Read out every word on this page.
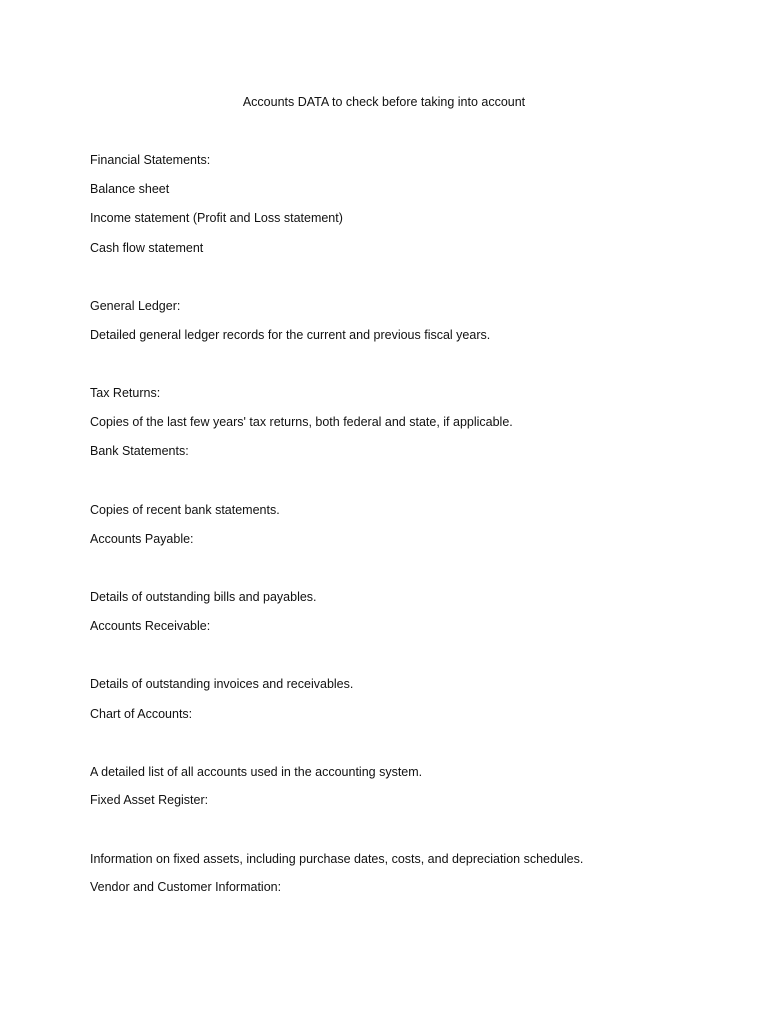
Accounts DATA to check before taking into account
Financial Statements:
Balance sheet
Income statement (Profit and Loss statement)
Cash flow statement
General Ledger:
Detailed general ledger records for the current and previous fiscal years.
Tax Returns:
Copies of the last few years' tax returns, both federal and state, if applicable.
Bank Statements:
Copies of recent bank statements.
Accounts Payable:
Details of outstanding bills and payables.
Accounts Receivable:
Details of outstanding invoices and receivables.
Chart of Accounts:
A detailed list of all accounts used in the accounting system.
Fixed Asset Register:
Information on fixed assets, including purchase dates, costs, and depreciation schedules.
Vendor and Customer Information:
